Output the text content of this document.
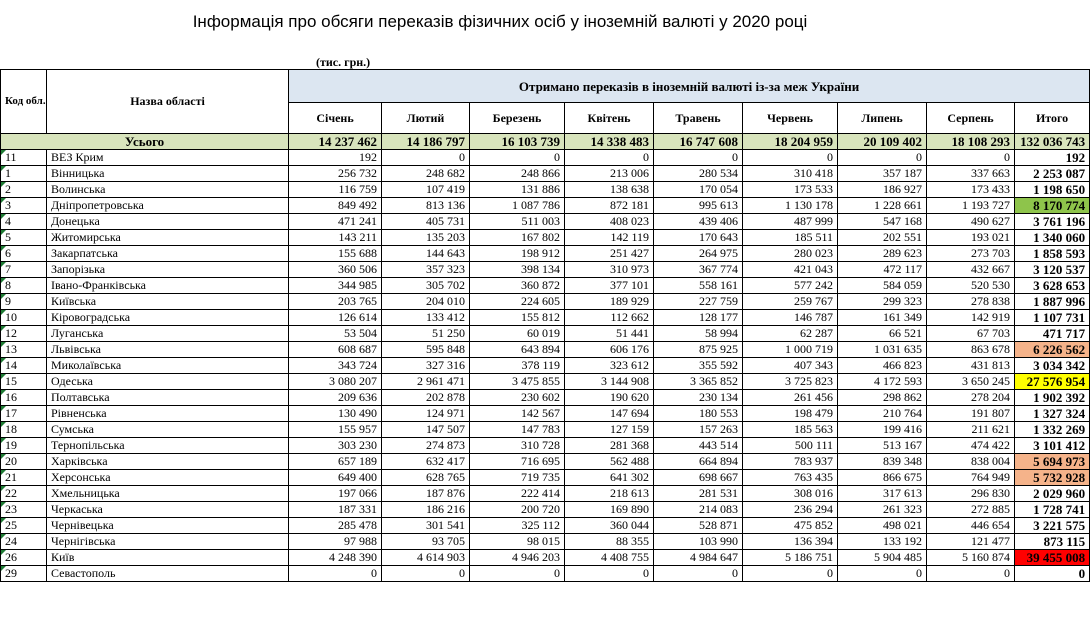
Інформація про обсяги переказів фізичних осіб у іноземній валюті у 2020 році
(тис. грн.)
Код обл.	Назва області	Отримано переказів в іноземній валюті із-за меж України								
		Січень	Лютий	Березень	Квітень	Травень	Червень	Липень	Серпень	Итого
Усього		14 237 462	14 186 797	16 103 739	14 338 483	16 747 608	18 204 959	20 109 402	18 108 293	132 036 743
11	ВЕЗ Крим	192	0	0	0	0	0	0	0	192
1	Вінницька	256 732	248 682	248 866	213 006	280 534	310 418	357 187	337 663	2 253 087
2	Волинська	116 759	107 419	131 886	138 638	170 054	173 533	186 927	173 433	1 198 650
3	Дніпропетровська	849 492	813 136	1 087 786	872 181	995 613	1 130 178	1 228 661	1 193 727	8 170 774
4	Донецька	471 241	405 731	511 003	408 023	439 406	487 999	547 168	490 627	3 761 196
5	Житомирська	143 211	135 203	167 802	142 119	170 643	185 511	202 551	193 021	1 340 060
6	Закарпатська	155 688	144 643	198 912	251 427	264 975	280 023	289 623	273 703	1 858 593
7	Запорізька	360 506	357 323	398 134	310 973	367 774	421 043	472 117	432 667	3 120 537
8	Івано-Франківська	344 985	305 702	360 872	377 101	558 161	577 242	584 059	520 530	3 628 653
9	Київська	203 765	204 010	224 605	189 929	227 759	259 767	299 323	278 838	1 887 996
10	Кіровоградська	126 614	133 412	155 812	112 662	128 177	146 787	161 349	142 919	1 107 731
12	Луганська	53 504	51 250	60 019	51 441	58 994	62 287	66 521	67 703	471 717
13	Львівська	608 687	595 848	643 894	606 176	875 925	1 000 719	1 031 635	863 678	6 226 562
14	Миколаївська	343 724	327 316	378 119	323 612	355 592	407 343	466 823	431 813	3 034 342
15	Одеська	3 080 207	2 961 471	3 475 855	3 144 908	3 365 852	3 725 823	4 172 593	3 650 245	27 576 954
16	Полтавська	209 636	202 878	230 602	190 620	230 134	261 456	298 862	278 204	1 902 392
17	Рівненська	130 490	124 971	142 567	147 694	180 553	198 479	210 764	191 807	1 327 324
18	Сумська	155 957	147 507	147 783	127 159	157 263	185 563	199 416	211 621	1 332 269
19	Тернопільська	303 230	274 873	310 728	281 368	443 514	500 111	513 167	474 422	3 101 412
20	Харківська	657 189	632 417	716 695	562 488	664 894	783 937	839 348	838 004	5 694 973
21	Херсонська	649 400	628 765	719 735	641 302	698 667	763 435	866 675	764 949	5 732 928
22	Хмельницька	197 066	187 876	222 414	218 613	281 531	308 016	317 613	296 830	2 029 960
23	Черкаська	187 331	186 216	200 720	169 890	214 083	236 294	261 323	272 885	1 728 741
25	Чернівецька	285 478	301 541	325 112	360 044	528 871	475 852	498 021	446 654	3 221 575
24	Чернігівська	97 988	93 705	98 015	88 355	103 990	136 394	133 192	121 477	873 115
26	Київ	4 248 390	4 614 903	4 946 203	4 408 755	4 984 647	5 186 751	5 904 485	5 160 874	39 455 008
29	Севастополь	0	0	0	0	0	0	0	0	0
